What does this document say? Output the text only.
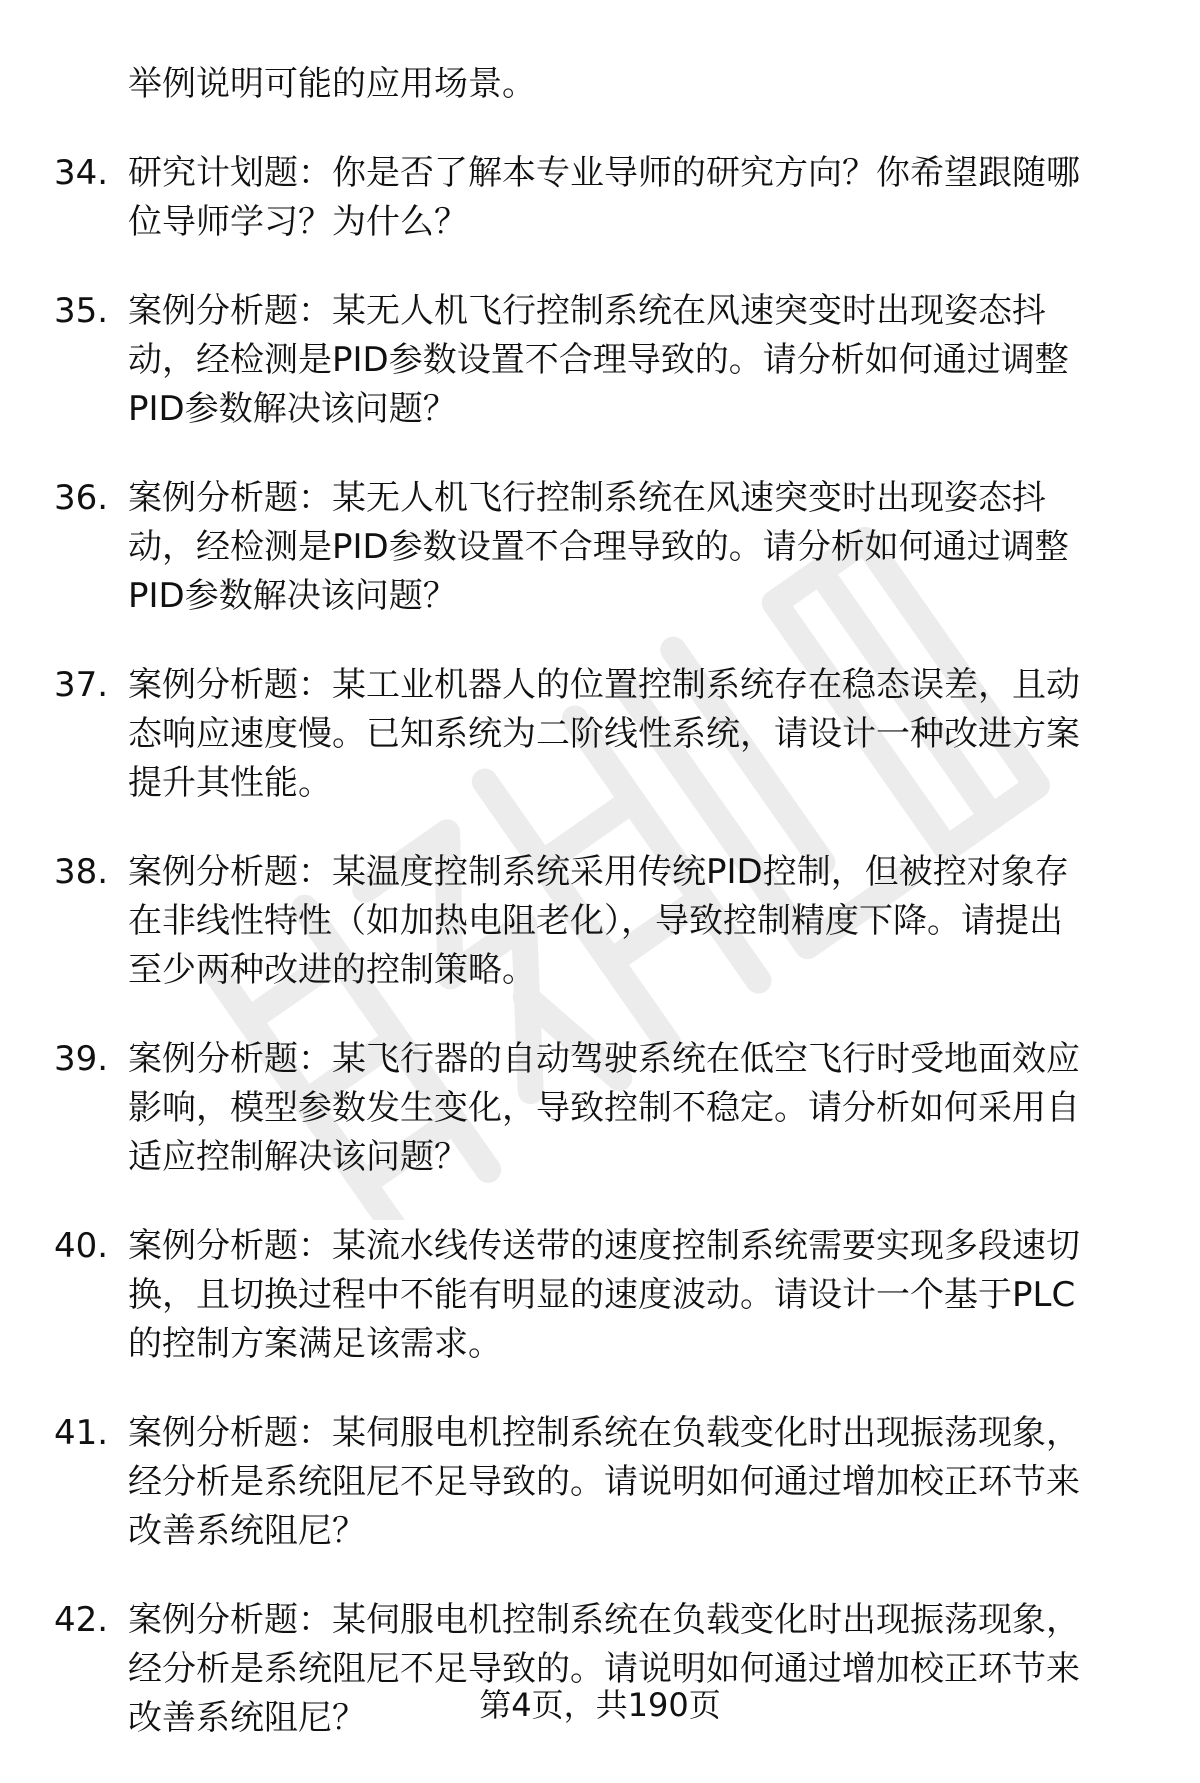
举例说明可能的应用场景。
34. 研究计划题：你是否了解本专业导师的研究方向？你希望跟随哪
位导师学习？为什么？
35. 案例分析题：某无人机飞行控制系统在风速突变时出现姿态抖
动，经检测是PID参数设置不合理导致的。请分析如何通过调整
PID参数解决该问题？
36. 案例分析题：某无人机飞行控制系统在风速突变时出现姿态抖
动，经检测是PID参数设置不合理导致的。请分析如何通过调整
PID参数解决该问题？
37. 案例分析题：某工业机器人的位置控制系统存在稳态误差，且动
态响应速度慢。已知系统为二阶线性系统，请设计一种改进方案
提升其性能。
38. 案例分析题：某温度控制系统采用传统PID控制，但被控对象存
在非线性特性（如加热电阻老化），导致控制精度下降。请提出
至少两种改进的控制策略。
39. 案例分析题：某飞行器的自动驾驶系统在低空飞行时受地面效应
影响，模型参数发生变化，导致控制不稳定。请分析如何采用自
适应控制解决该问题？
40. 案例分析题：某流水线传送带的速度控制系统需要实现多段速切
换，且切换过程中不能有明显的速度波动。请设计一个基于PLC
的控制方案满足该需求。
41. 案例分析题：某伺服电机控制系统在负载变化时出现振荡现象，
经分析是系统阻尼不足导致的。请说明如何通过增加校正环节来
改善系统阻尼？
42. 案例分析题：某伺服电机控制系统在负载变化时出现振荡现象，
经分析是系统阻尼不足导致的。请说明如何通过增加校正环节来
改善系统阻尼？	第4页，共190页
